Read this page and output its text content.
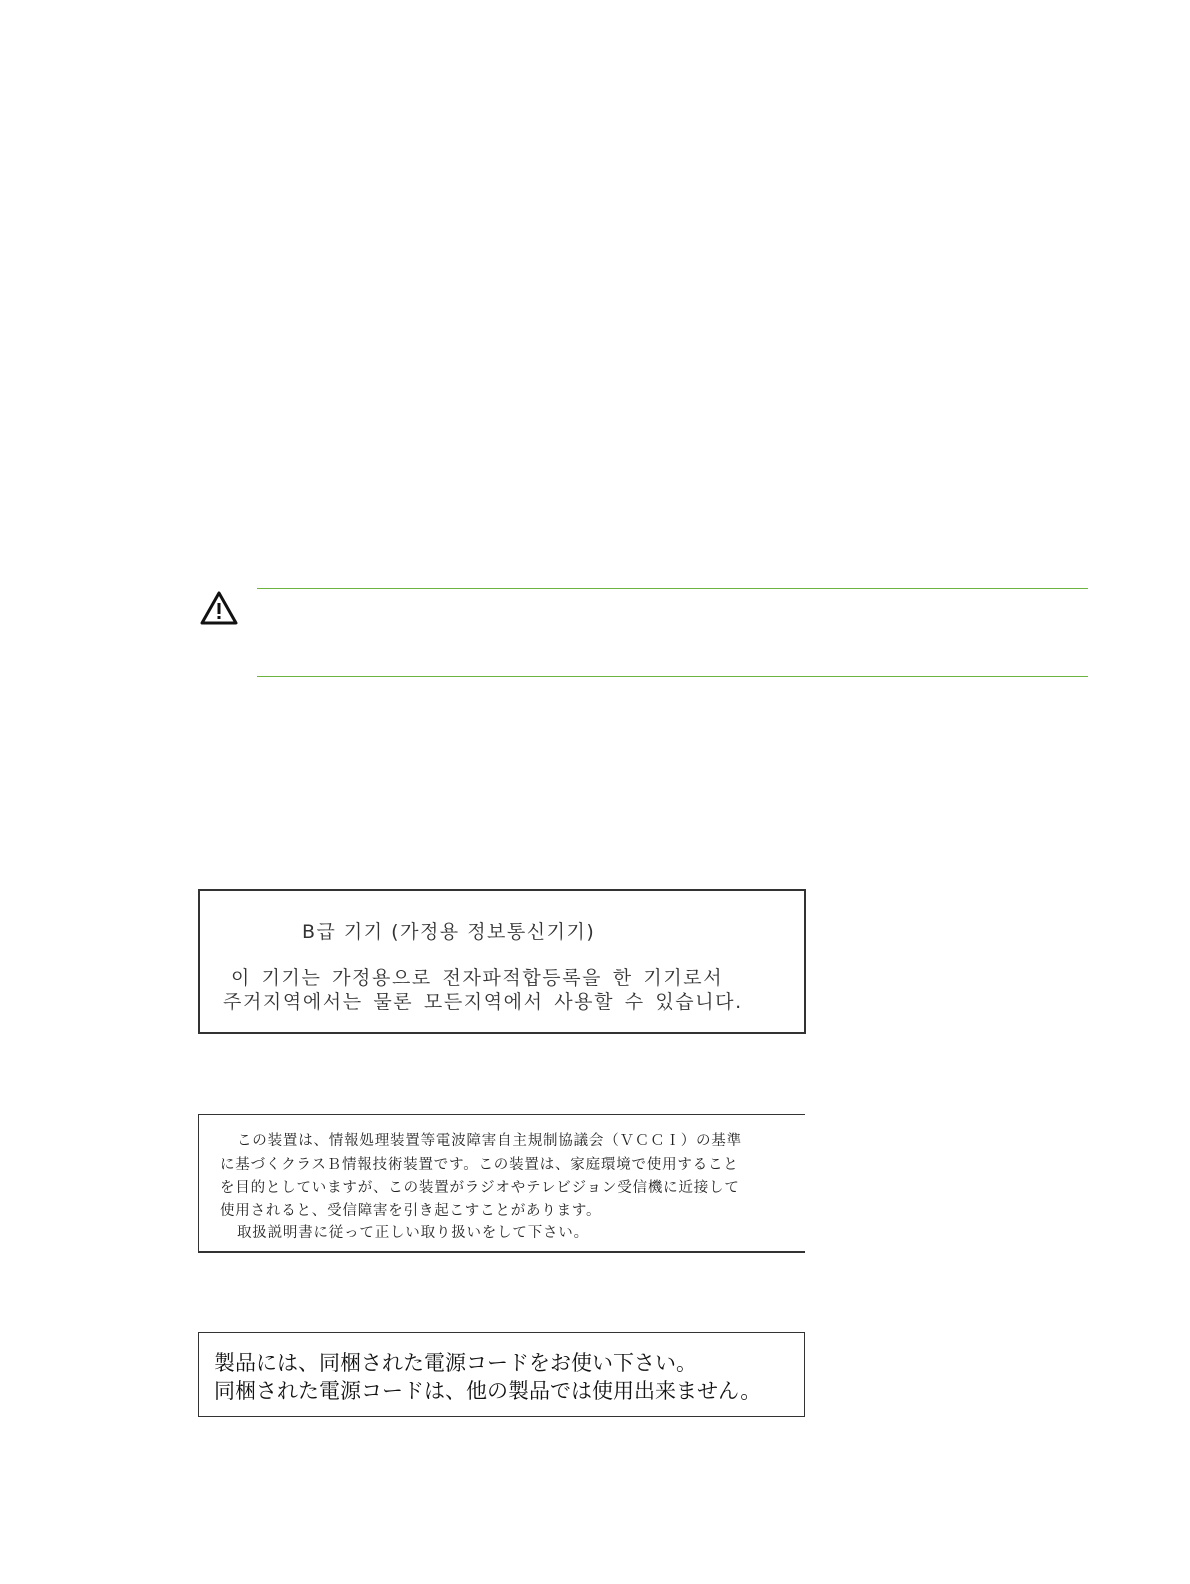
B급 기기 (가정용 정보통신기기)
이 기기는 가정용으로 전자파적합등록을 한 기기로서
주거지역에서는 물론 모든지역에서 사용할 수 있습니다.
この装置は、情報処理装置等電波障害自主規制協議会（ＶＣＣＩ）の基準
に基づくクラスＢ情報技術装置です。この装置は、家庭環境で使用すること
を目的としていますが、この装置がラジオやテレビジョン受信機に近接して
使用されると、受信障害を引き起こすことがあります。
取扱説明書に従って正しい取り扱いをして下さい。
製品には、同梱された電源コードをお使い下さい。
同梱された電源コードは、他の製品では使用出来ません。
